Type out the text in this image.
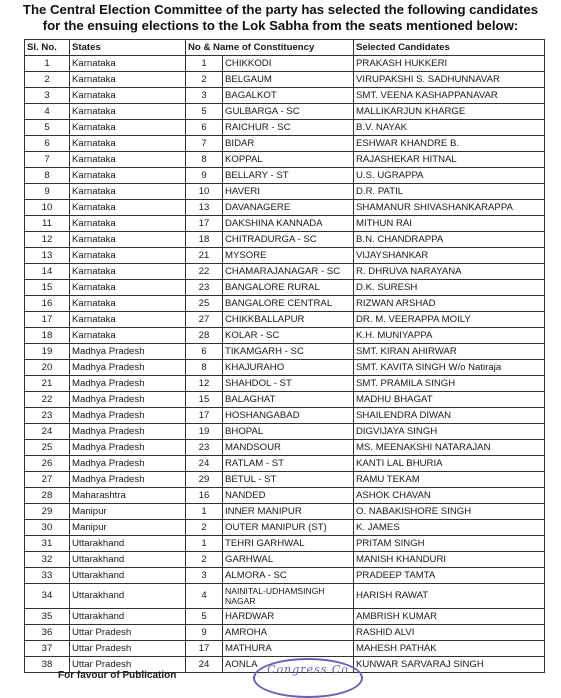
The Central Election Committee of the party has selected the following candidates
for the ensuing elections to the Lok Sabha from the seats mentioned below:
Sl. No.	States	No & Name of Constituency		Selected Candidates
1	Karnataka	1	CHIKKODI	PRAKASH HUKKERI
2	Karnataka	2	BELGAUM	VIRUPAKSHI S. SADHUNNAVAR
3	Karnataka	3	BAGALKOT	SMT. VEENA KASHAPPANAVAR
4	Karnataka	5	GULBARGA - SC	MALLIKARJUN KHARGE
5	Karnataka	6	RAICHUR - SC	B.V. NAYAK
6	Karnataka	7	BIDAR	ESHWAR KHANDRE B.
7	Karnataka	8	KOPPAL	RAJASHEKAR HITNAL
8	Karnataka	9	BELLARY - ST	U.S. UGRAPPA
9	Karnataka	10	HAVERI	D.R. PATIL
10	Karnataka	13	DAVANAGERE	SHAMANUR SHIVASHANKARAPPA
11	Karnataka	17	DAKSHINA KANNADA	MITHUN RAI
12	Karnataka	18	CHITRADURGA - SC	B.N. CHANDRAPPA
13	Karnataka	21	MYSORE	VIJAYSHANKAR
14	Karnataka	22	CHAMARAJANAGAR - SC	R. DHRUVA NARAYANA
15	Karnataka	23	BANGALORE RURAL	D.K. SURESH
16	Karnataka	25	BANGALORE CENTRAL	RIZWAN ARSHAD
17	Karnataka	27	CHIKKBALLAPUR	DR. M. VEERAPPA MOILY
18	Karnataka	28	KOLAR - SC	K.H. MUNIYAPPA
19	Madhya Pradesh	6	TIKAMGARH - SC	SMT. KIRAN AHIRWAR
20	Madhya Pradesh	8	KHAJURAHO	SMT. KAVITA SINGH W/o Natiraja
21	Madhya Pradesh	12	SHAHDOL - ST	SMT. PRAMILA SINGH
22	Madhya Pradesh	15	BALAGHAT	MADHU BHAGAT
23	Madhya Pradesh	17	HOSHANGABAD	SHAILENDRA DIWAN
24	Madhya Pradesh	19	BHOPAL	DIGVIJAYA SINGH
25	Madhya Pradesh	23	MANDSOUR	MS. MEENAKSHI NATARAJAN
26	Madhya Pradesh	24	RATLAM - ST	KANTI LAL BHURIA
27	Madhya Pradesh	29	BETUL - ST	RAMU TEKAM
28	Maharashtra	16	NANDED	ASHOK CHAVAN
29	Manipur	1	INNER MANIPUR	O. NABAKISHORE SINGH
30	Manipur	2	OUTER MANIPUR (ST)	K. JAMES
31	Uttarakhand	1	TEHRI GARHWAL	PRITAM SINGH
32	Uttarakhand	2	GARHWAL	MANISH KHANDURI
33	Uttarakhand	3	ALMORA - SC	PRADEEP TAMTA
34	Uttarakhand	4	NAINITAL-UDHAMSINGH NAGAR	HARISH RAWAT
35	Uttarakhand	5	HARDWAR	AMBRISH KUMAR
36	Uttar Pradesh	9	AMROHA	RASHID ALVI
37	Uttar Pradesh	17	MATHURA	MAHESH PATHAK
38	Uttar Pradesh	24	AONLA	KUNWAR SARVARAJ SINGH
Congress Co
For favour of Publication
